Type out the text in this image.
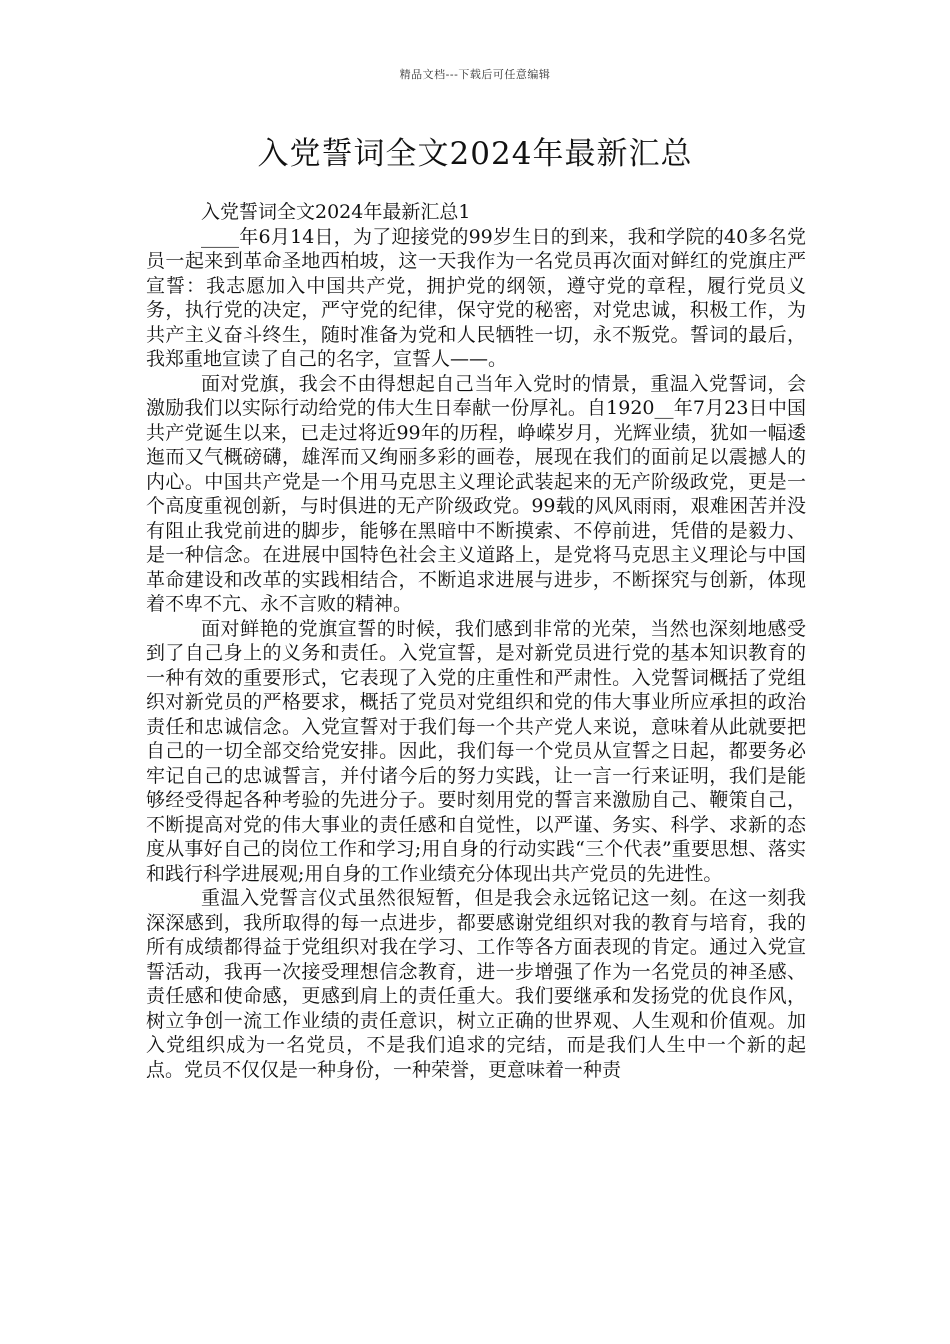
精品文档---下载后可任意编辑
入党誓词全文2024年最新汇总

入党誓词全文2024年最新汇总1

____年6月14日，为了迎接党的99岁生日的到来，我和学院的40多名党员一起来到革命圣地西柏坡，这一天我作为一名党员再次面对鲜红的党旗庄严宣誓：我志愿加入中国共产党，拥护党的纲领，遵守党的章程，履行党员义务，执行党的决定，严守党的纪律，保守党的秘密，对党忠诚，积极工作，为共产主义奋斗终生，随时准备为党和人民牺牲一切，永不叛党。誓词的最后，我郑重地宣读了自己的名字，宣誓人——。

面对党旗，我会不由得想起自己当年入党时的情景，重温入党誓词，会激励我们以实际行动给党的伟大生日奉献一份厚礼。自1920__年7月23日中国共产党诞生以来，已走过将近99年的历程，峥嵘岁月，光辉业绩，犹如一幅逶迤而又气概磅礴，雄浑而又绚丽多彩的画卷，展现在我们的面前足以震撼人的内心。中国共产党是一个用马克思主义理论武装起来的无产阶级政党，更是一个高度重视创新，与时俱进的无产阶级政党。99载的风风雨雨，艰难困苦并没有阻止我党前进的脚步，能够在黑暗中不断摸索、不停前进，凭借的是毅力、是一种信念。在进展中国特色社会主义道路上，是党将马克思主义理论与中国革命建设和改革的实践相结合，不断追求进展与进步，不断探究与创新，体现着不卑不亢、永不言败的精神。

面对鲜艳的党旗宣誓的时候，我们感到非常的光荣，当然也深刻地感受到了自己身上的义务和责任。入党宣誓，是对新党员进行党的基本知识教育的一种有效的重要形式，它表现了入党的庄重性和严肃性。入党誓词概括了党组织对新党员的严格要求，概括了党员对党组织和党的伟大事业所应承担的政治责任和忠诚信念。入党宣誓对于我们每一个共产党人来说，意味着从此就要把自己的一切全部交给党安排。因此，我们每一个党员从宣誓之日起，都要务必牢记自己的忠诚誓言，并付诸今后的努力实践，让一言一行来证明，我们是能够经受得起各种考验的先进分子。要时刻用党的誓言来激励自己、鞭策自己，不断提高对党的伟大事业的责任感和自觉性，以严谨、务实、科学、求新的态度从事好自己的岗位工作和学习;用自身的行动实践“三个代表”重要思想、落实和践行科学进展观;用自身的工作业绩充分体现出共产党员的先进性。

重温入党誓言仪式虽然很短暂，但是我会永远铭记这一刻。在这一刻我深深感到，我所取得的每一点进步，都要感谢党组织对我的教育与培育，我的所有成绩都得益于党组织对我在学习、工作等各方面表现的肯定。通过入党宣誓活动，我再一次接受理想信念教育，进一步增强了作为一名党员的神圣感、责任感和使命感，更感到肩上的责任重大。我们要继承和发扬党的优良作风，树立争创一流工作业绩的责任意识，树立正确的世界观、人生观和价值观。加入党组织成为一名党员，不是我们追求的完结，而是我们人生中一个新的起点。党员不仅仅是一种身份，一种荣誉，更意味着一种责
